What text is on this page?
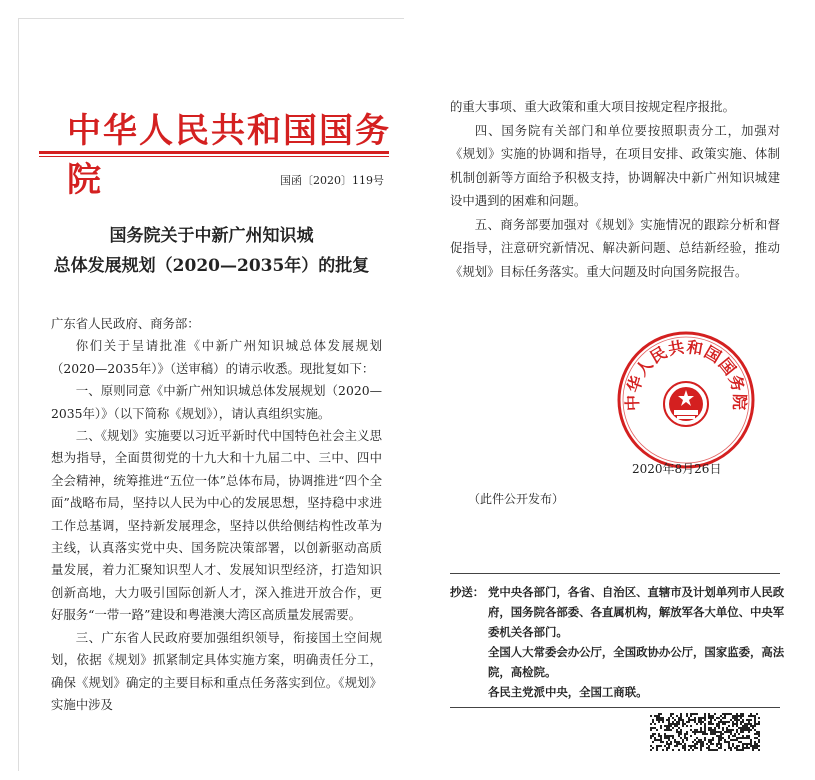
中华人民共和国国务院	国函〔2020〕119号
国务院关于中新广州知识城
总体发展规划（2020—2035年）的批复

广东省人民政府、商务部：

你们关于呈请批准《中新广州知识城总体发展规划（2020—2035年）》（送审稿）的请示收悉。现批复如下：

一、原则同意《中新广州知识城总体发展规划（2020—2035年）》（以下简称《规划》），请认真组织实施。

二、《规划》实施要以习近平新时代中国特色社会主义思想为指导，全面贯彻党的十九大和十九届二中、三中、四中全会精神，统筹推进“五位一体”总体布局，协调推进“四个全面”战略布局，坚持以人民为中心的发展思想，坚持稳中求进工作总基调，坚持新发展理念，坚持以供给侧结构性改革为主线，认真落实党中央、国务院决策部署，以创新驱动高质量发展，着力汇聚知识型人才、发展知识型经济，打造知识创新高地，大力吸引国际创新人才，深入推进开放合作，更好服务“一带一路”建设和粤港澳大湾区高质量发展需要。

三、广东省人民政府要加强组织领导，衔接国土空间规划，依据《规划》抓紧制定具体实施方案，明确责任分工，确保《规划》确定的主要目标和重点任务落实到位。《规划》实施中涉及

的重大事项、重大政策和重大项目按规定程序报批。

四、国务院有关部门和单位要按照职责分工，加强对《规划》实施的协调和指导，在项目安排、政策实施、体制机制创新等方面给予积极支持，协调解决中新广州知识城建设中遇到的困难和问题。

五、商务部要加强对《规划》实施情况的跟踪分析和督促指导，注意研究新情况、解决新问题、总结新经验，推动《规划》目标任务落实。重大问题及时向国务院报告。

中华人民共和国国务院
2020年8月26日
（此件公开发布）
抄送： 党中央各部门，各省、自治区、直辖市及计划单列市人民政府，国务院各部委、各直属机构，解放军各大单位、中央军委机关各部门。
全国人大常委会办公厅，全国政协办公厅，国家监委，高法院，高检院。
各民主党派中央，全国工商联。
